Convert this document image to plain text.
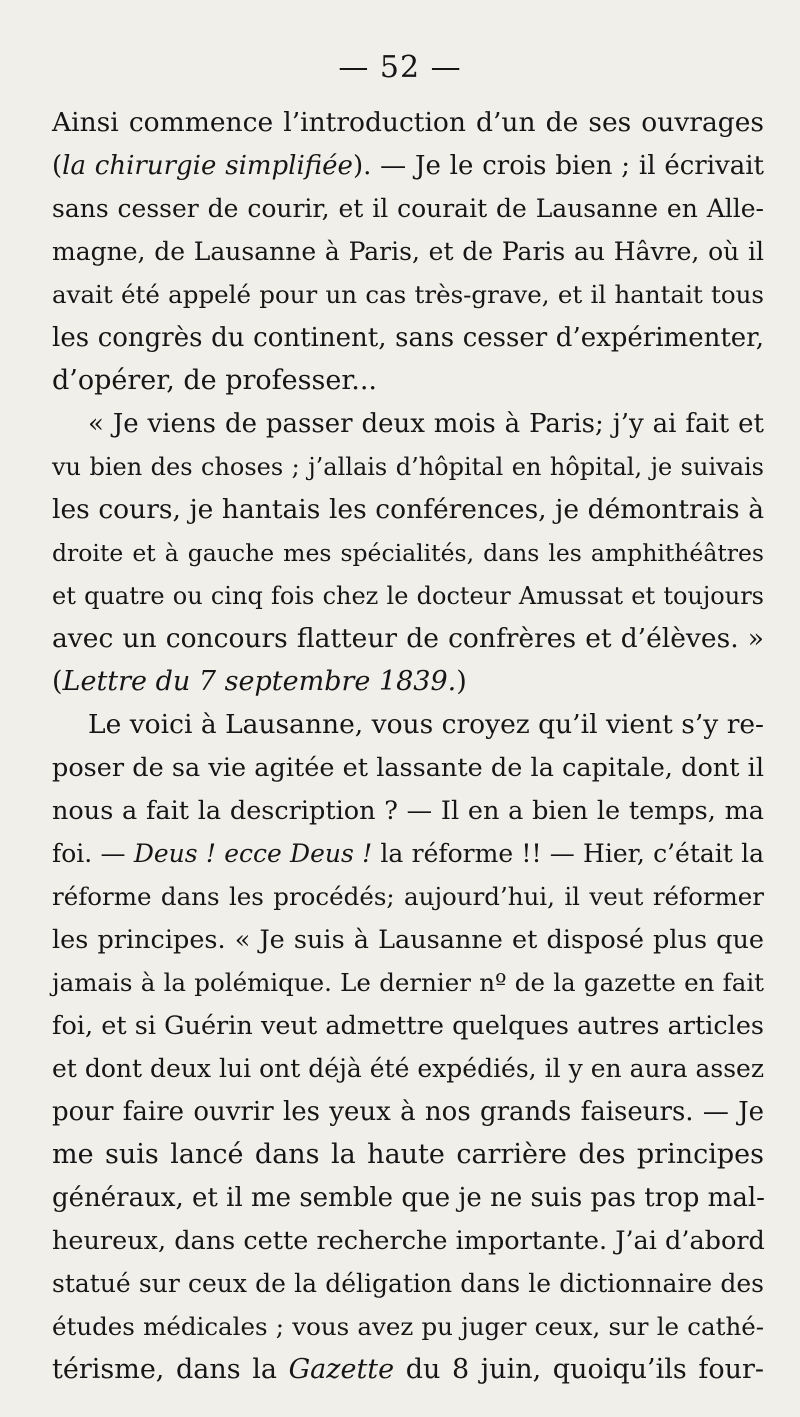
— 52 —
Ainsi commence l’introduction d’un de ses ouvrages
(la chirurgie simplifiée). — Je le crois bien ; il écrivait
sans cesser de courir, et il courait de Lausanne en Alle-
magne, de Lausanne à Paris, et de Paris au Hâvre, où il
avait été appelé pour un cas très-grave, et il hantait tous
les congrès du continent, sans cesser d’expérimenter,
d’opérer, de professer...
« Je viens de passer deux mois à Paris; j’y ai fait et
vu bien des choses ; j’allais d’hôpital en hôpital, je suivais
les cours, je hantais les conférences, je démontrais à
droite et à gauche mes spécialités, dans les amphithéâtres
et quatre ou cinq fois chez le docteur Amussat et toujours
avec un concours flatteur de confrères et d’élèves. »
(Lettre du 7 septembre 1839.)
Le voici à Lausanne, vous croyez qu’il vient s’y re-
poser de sa vie agitée et lassante de la capitale, dont il
nous a fait la description ? — Il en a bien le temps, ma
foi. — Deus ! ecce Deus ! la réforme !! — Hier, c’était la
réforme dans les procédés; aujourd’hui, il veut réformer
les principes. « Je suis à Lausanne et disposé plus que
jamais à la polémique. Le dernier nº de la gazette en fait
foi, et si Guérin veut admettre quelques autres articles
et dont deux lui ont déjà été expédiés, il y en aura assez
pour faire ouvrir les yeux à nos grands faiseurs. — Je
me suis lancé dans la haute carrière des principes
généraux, et il me semble que je ne suis pas trop mal-
heureux, dans cette recherche importante. J’ai d’abord
statué sur ceux de la déligation dans le dictionnaire des
études médicales ; vous avez pu juger ceux, sur le cathé-
térisme, dans la Gazette du 8 juin, quoiqu’ils four-
